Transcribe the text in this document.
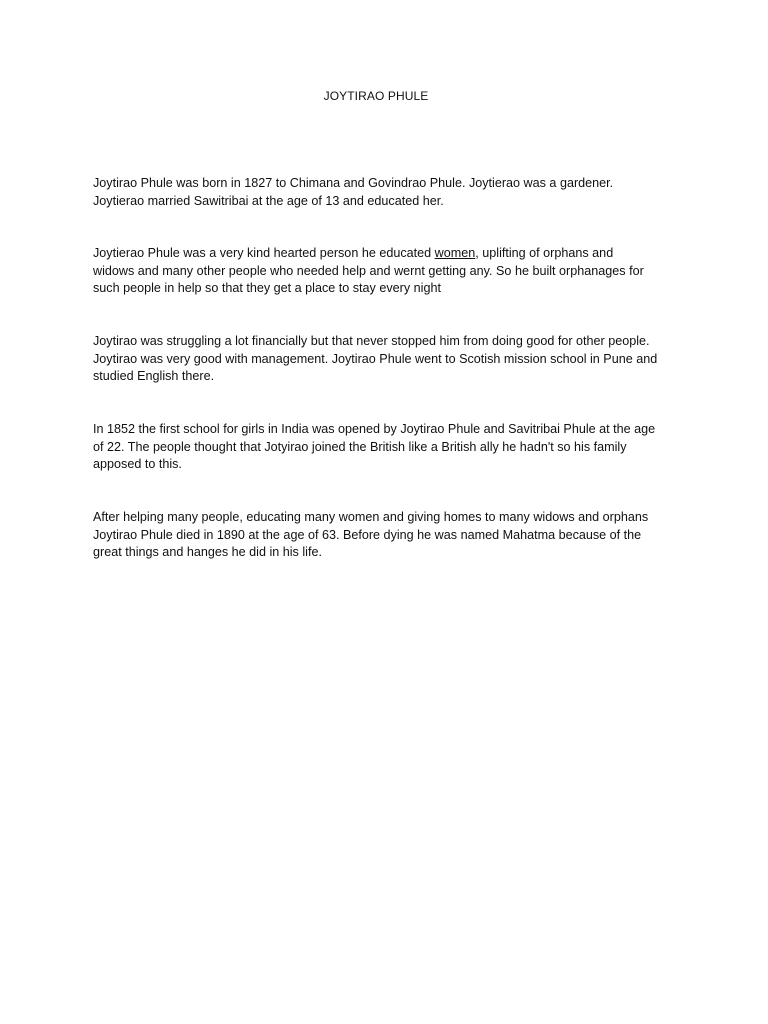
JOYTIRAO PHULE
Joytirao Phule was born in 1827 to Chimana and Govindrao Phule. Joytierao was a gardener.
Joytierao married Sawitribai at the age of 13 and educated her.
Joytierao Phule was a very kind hearted person he educated women, uplifting of orphans and
widows and many other people who needed help and wernt getting any. So he built orphanages for
such people in help so that they get a place to stay every night
Joytirao was struggling a lot financially but that never stopped him from doing good for other people.
Joytirao was very good with management. Joytirao Phule went to Scotish mission school in Pune and
studied English there.
In 1852 the first school for girls in India was opened by Joytirao Phule and Savitribai Phule at the age
of 22. The people thought that Jotyirao joined the British like a British ally he hadn't so his family
apposed to this.
After helping many people, educating many women and giving homes to many widows and orphans
Joytirao Phule died in 1890 at the age of 63. Before dying he was named Mahatma because of the
great things and hanges he did in his life.
